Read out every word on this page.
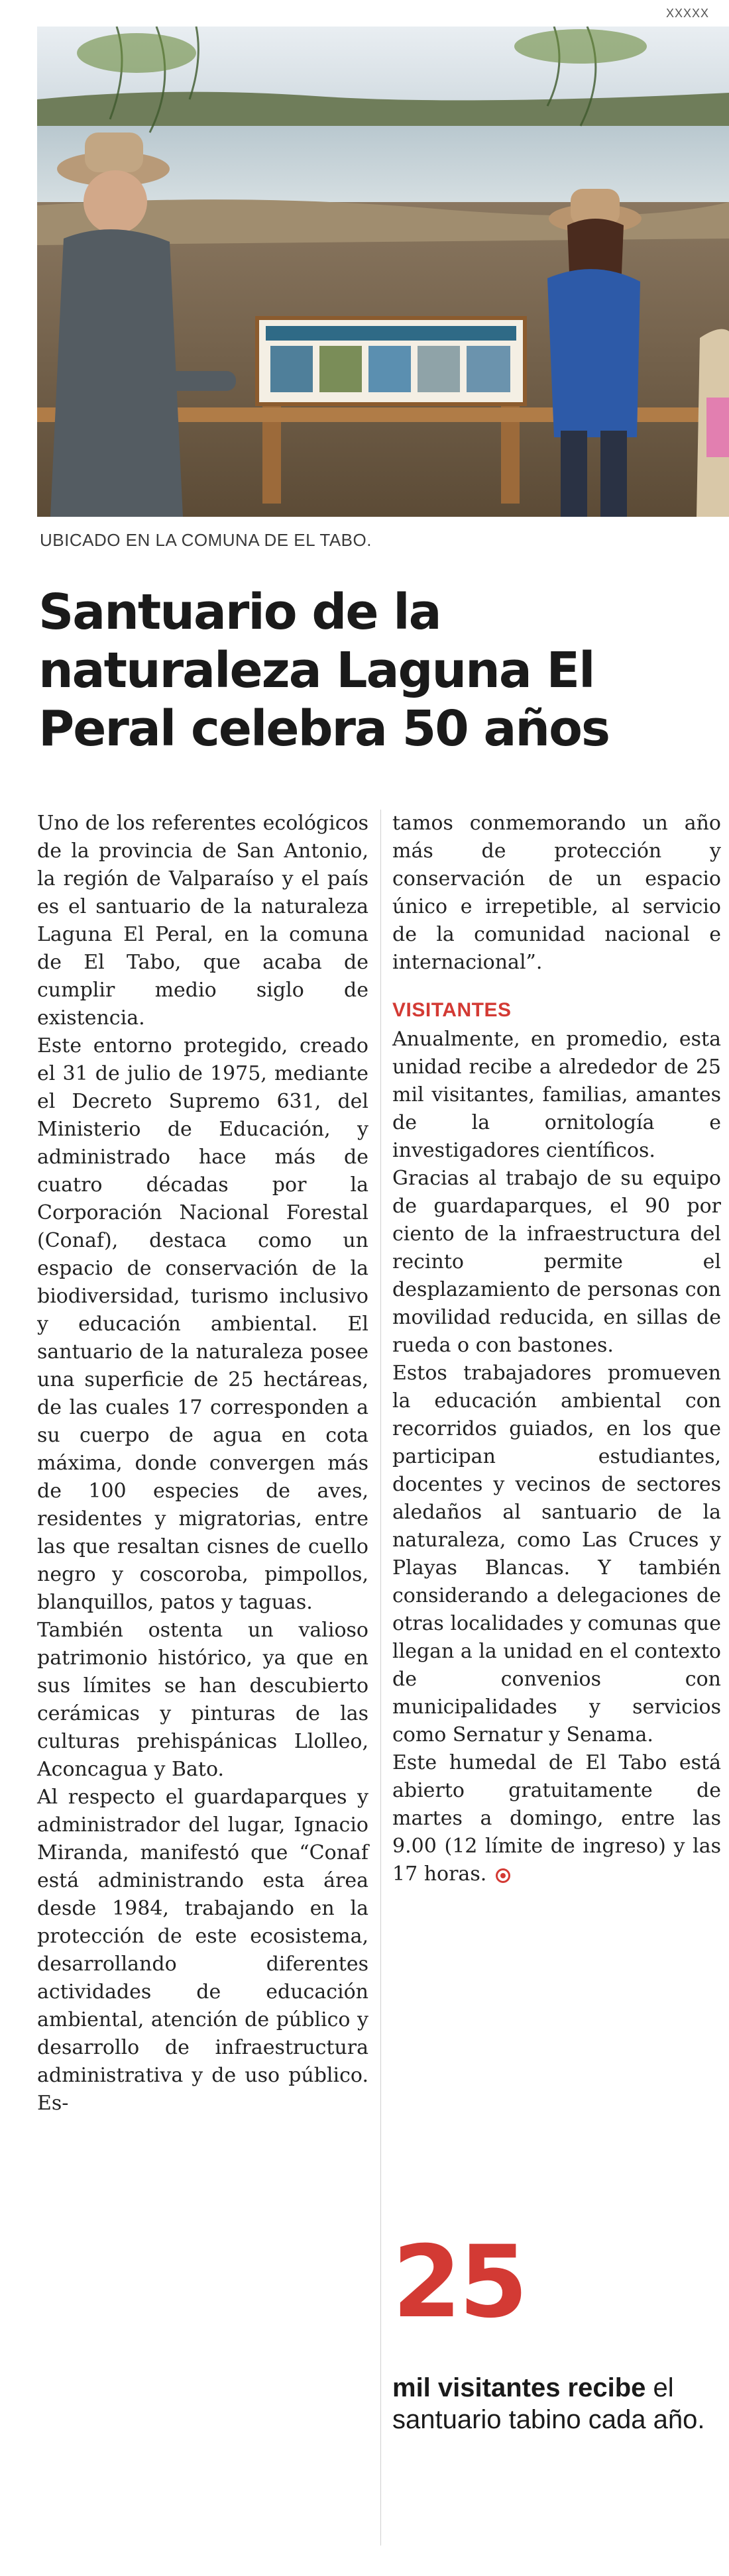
XXXXX
UBICADO EN LA COMUNA DE EL TABO.
Santuario de la naturaleza Laguna El Peral celebra 50 años

Uno de los referentes ecológicos de la provincia de San Antonio, la región de Valparaíso y el país es el santuario de la naturaleza Laguna El Peral, en la comuna de El Tabo, que acaba de cumplir medio siglo de existencia.

Este entorno protegido, creado el 31 de julio de 1975, mediante el Decreto Supremo 631, del Ministerio de Educación, y administrado hace más de cuatro décadas por la Corporación Nacional Forestal (Conaf), destaca como un espacio de conservación de la biodiversidad, turismo inclusivo y educación ambiental. El santuario de la naturaleza posee una superficie de 25 hectáreas, de las cuales 17 corresponden a su cuerpo de agua en cota máxima, donde convergen más de 100 especies de aves, residentes y migratorias, entre las que resaltan cisnes de cuello negro y coscoroba, pimpollos, blanquillos, patos y taguas.

También ostenta un valioso patrimonio histórico, ya que en sus límites se han descubierto cerámicas y pinturas de las culturas prehispánicas Llolleo, Aconcagua y Bato.

Al respecto el guardaparques y administrador del lugar, Ignacio Miranda, manifestó que “Conaf está administrando esta área desde 1984, trabajando en la protección de este ecosistema, desarrollando diferentes actividades de educación ambiental, atención de público y desarrollo de infraestructura administrativa y de uso público. Es-

tamos conmemorando un año más de protección y conservación de un espacio único e irrepetible, al servicio de la comunidad nacional e internacional”.

VISITANTES

Anualmente, en promedio, esta unidad recibe a alrededor de 25 mil visitantes, familias, amantes de la ornitología e investigadores científicos.

Gracias al trabajo de su equipo de guardaparques, el 90 por ciento de la infraestructura del recinto permite el desplazamiento de personas con movilidad reducida, en sillas de rueda o con bastones.

Estos trabajadores promueven la educación ambiental con recorridos guiados, en los que participan estudiantes, docentes y vecinos de sectores aledaños al santuario de la naturaleza, como Las Cruces y Playas Blancas. Y también considerando a delegaciones de otras localidades y comunas que llegan a la unidad en el contexto de convenios con municipalidades y servicios como Sernatur y Senama.

Este humedal de El Tabo está abierto gratuitamente de martes a domingo, entre las 9.00 (12 límite de ingreso) y las 17 horas.

25
mil visitantes recibe el santuario tabino cada año.
